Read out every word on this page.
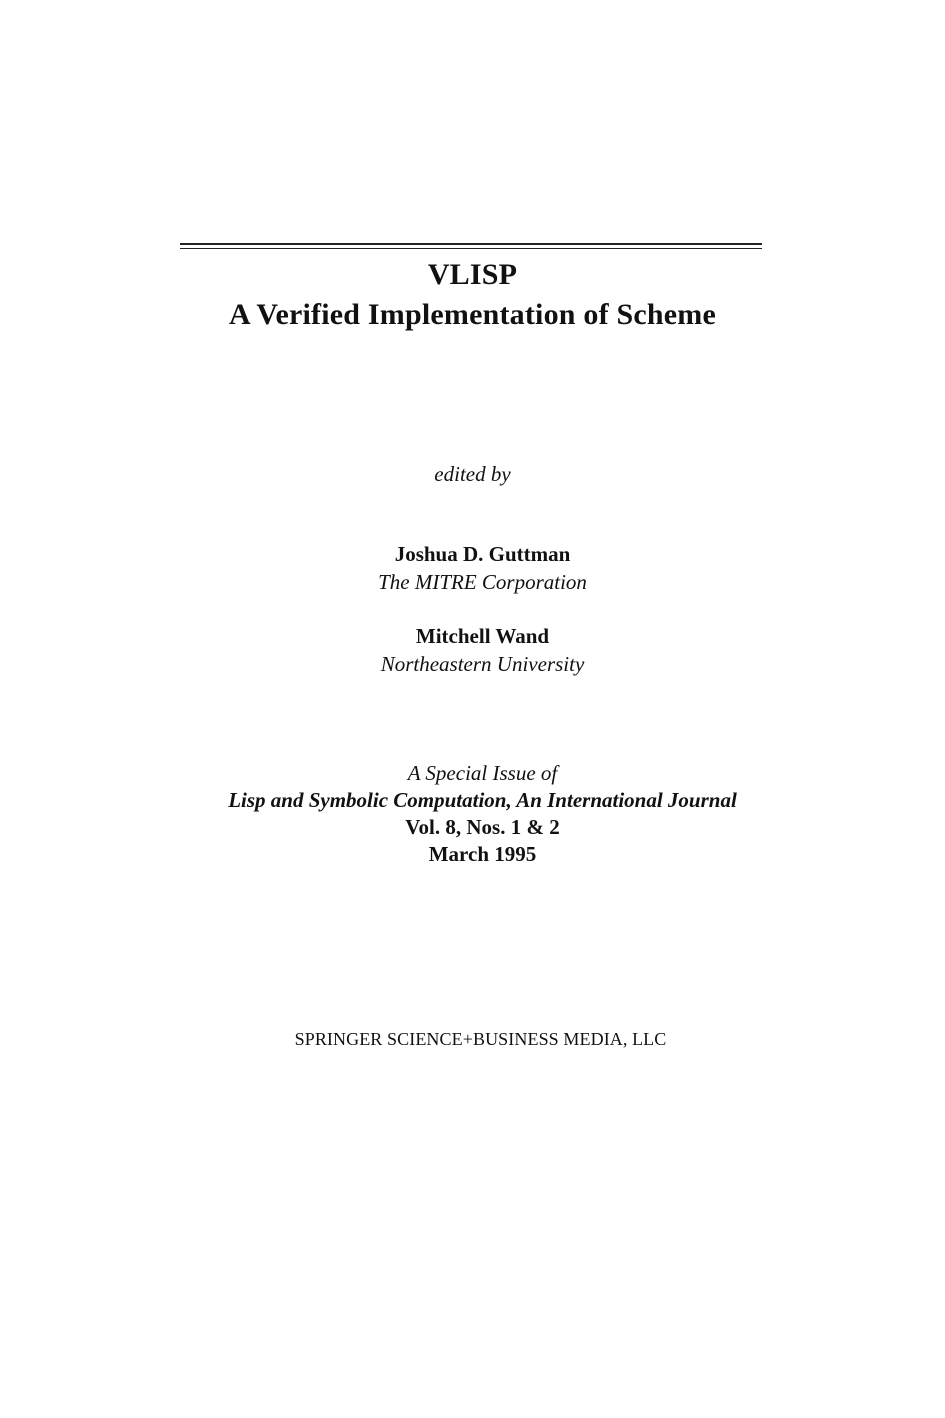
VLISP
A Verified Implementation of Scheme
edited by
Joshua D. Guttman
The MITRE Corporation
Mitchell Wand
Northeastern University
A Special Issue of
Lisp and Symbolic Computation, An International Journal
Vol. 8, Nos. 1 & 2
March 1995
SPRINGER SCIENCE+BUSINESS MEDIA, LLC
